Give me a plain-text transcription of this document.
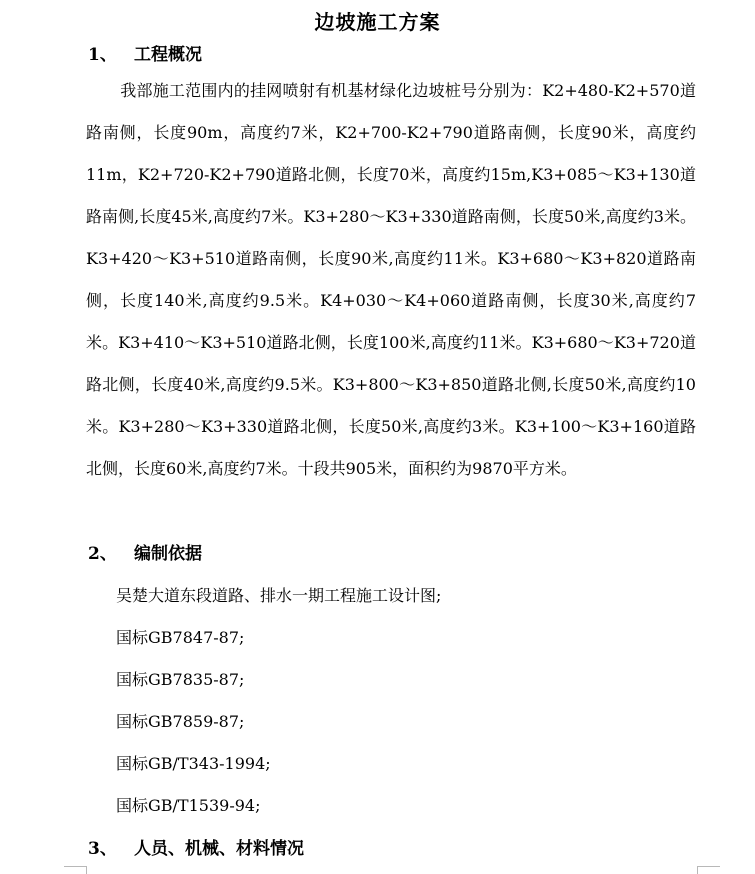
边坡施工方案
1、 工程概况
我部施工范围内的挂网喷射有机基材绿化边坡桩号分别为：K2+480-K2+570道路南侧，长度90m，高度约7米，K2+700-K2+790道路南侧，长度90米，高度约11m，K2+720-K2+790道路北侧，长度70米，高度约15m,K3+085～K3+130道路南侧,长度45米,高度约7米。K3+280～K3+330道路南侧，长度50米,高度约3米。K3+420～K3+510道路南侧，长度90米,高度约11米。K3+680～K3+820道路南侧，长度140米,高度约9.5米。K4+030～K4+060道路南侧，长度30米,高度约7米。K3+410～K3+510道路北侧，长度100米,高度约11米。K3+680～K3+720道路北侧，长度40米,高度约9.5米。K3+800～K3+850道路北侧,长度50米,高度约10米。K3+280～K3+330道路北侧，长度50米,高度约3米。K3+100～K3+160道路北侧，长度60米,高度约7米。十段共905米，面积约为9870平方米。
2、 编制依据
吴楚大道东段道路、排水一期工程施工设计图;
国标GB7847-87;
国标GB7835-87;
国标GB7859-87;
国标GB/T343-1994;
国标GB/T1539-94;
3、 人员、机械、材料情况
